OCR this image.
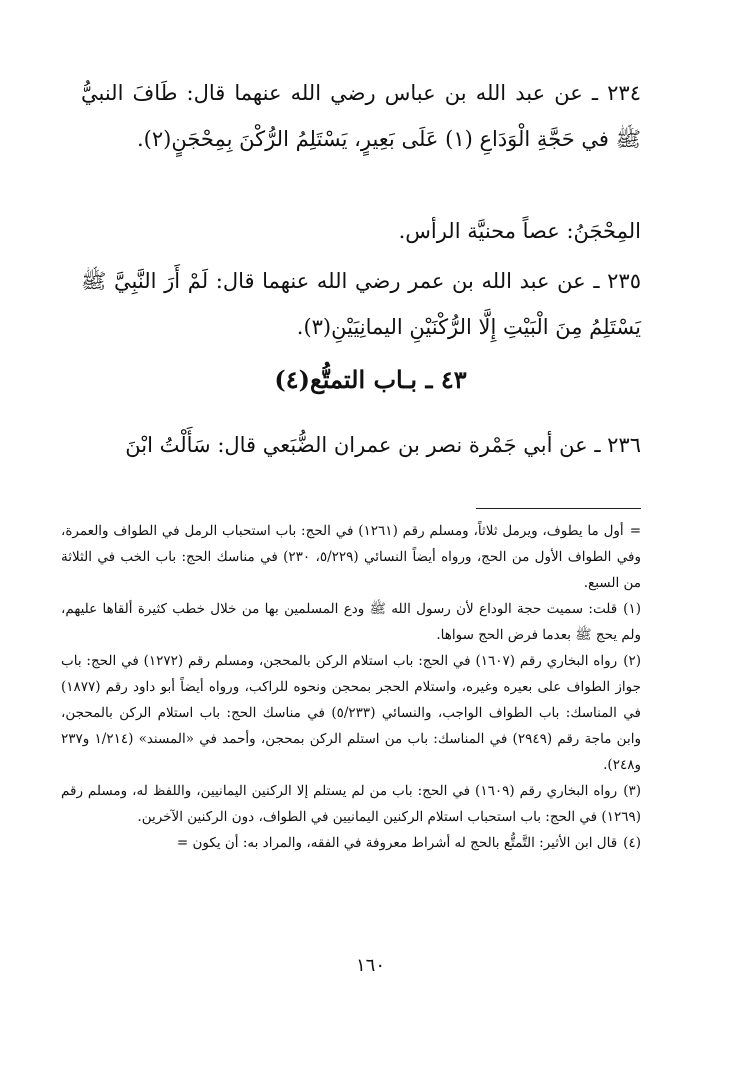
٢٣٤ ـ عن عبد الله بن عباس رضي الله عنهما قال: طَافَ النبيُّ ﷺ في حَجَّةِ الْوَدَاعِ (١) عَلَى بَعِيرٍ، يَسْتَلِمُ الرُّكْنَ بِمِحْجَنٍ(٢).
المِحْجَنُ: عصاً محنيَّة الرأس.
٢٣٥ ـ عن عبد الله بن عمر رضي الله عنهما قال: لَمْ أَرَ النَّبِيَّ ﷺ يَسْتَلِمُ مِنَ الْبَيْتِ إِلَّا الرُّكْنَيْنِ اليمانِيَيْنِ(٣).
٤٣ ـ بـاب التمتُّع(٤)
٢٣٦ ـ عن أبي جَمْرة نصر بن عمران الضُّبَعي قال: سَأَلْتُ ابْنَ

=أول ما يطوف، ويرمل ثلاثاً، ومسلم رقم (١٢٦١) في الحج: باب استحباب الرمل في الطواف والعمرة، وفي الطواف الأول من الحج، ورواه أيضاً النسائي (٥/٢٢٩، ٢٣٠) في مناسك الحج: باب الخب في الثلاثة من السبع.

(١)قلت: سميت حجة الوداع لأن رسول الله ﷺ ودع المسلمين بها من خلال خطب كثيرة ألقاها عليهم، ولم يحج ﷺ بعدما فرض الحج سواها.

(٢)رواه البخاري رقم (١٦٠٧) في الحج: باب استلام الركن بالمحجن، ومسلم رقم (١٢٧٢) في الحج: باب جواز الطواف على بعيره وغيره، واستلام الحجر بمحجن ونحوه للراكب، ورواه أيضاً أبو داود رقم (١٨٧٧) في المناسك: باب الطواف الواجب، والنسائي (٥/٢٣٣) في مناسك الحج: باب استلام الركن بالمحجن، وابن ماجة رقم (٢٩٤٩) في المناسك: باب من استلم الركن بمحجن، وأحمد في «المسند» (١/٢١٤ و٢٣٧ و٢٤٨).

(٣)رواه البخاري رقم (١٦٠٩) في الحج: باب من لم يستلم إلا الركنين اليمانيين، واللفظ له، ومسلم رقم (١٢٦٩) في الحج: باب استحباب استلام الركنين اليمانيين في الطواف، دون الركنين الآخرين.

(٤)قال ابن الأثير: التَّمتُّع بالحج له أشراط معروفة في الفقه، والمراد به: أن يكون =

١٦٠
